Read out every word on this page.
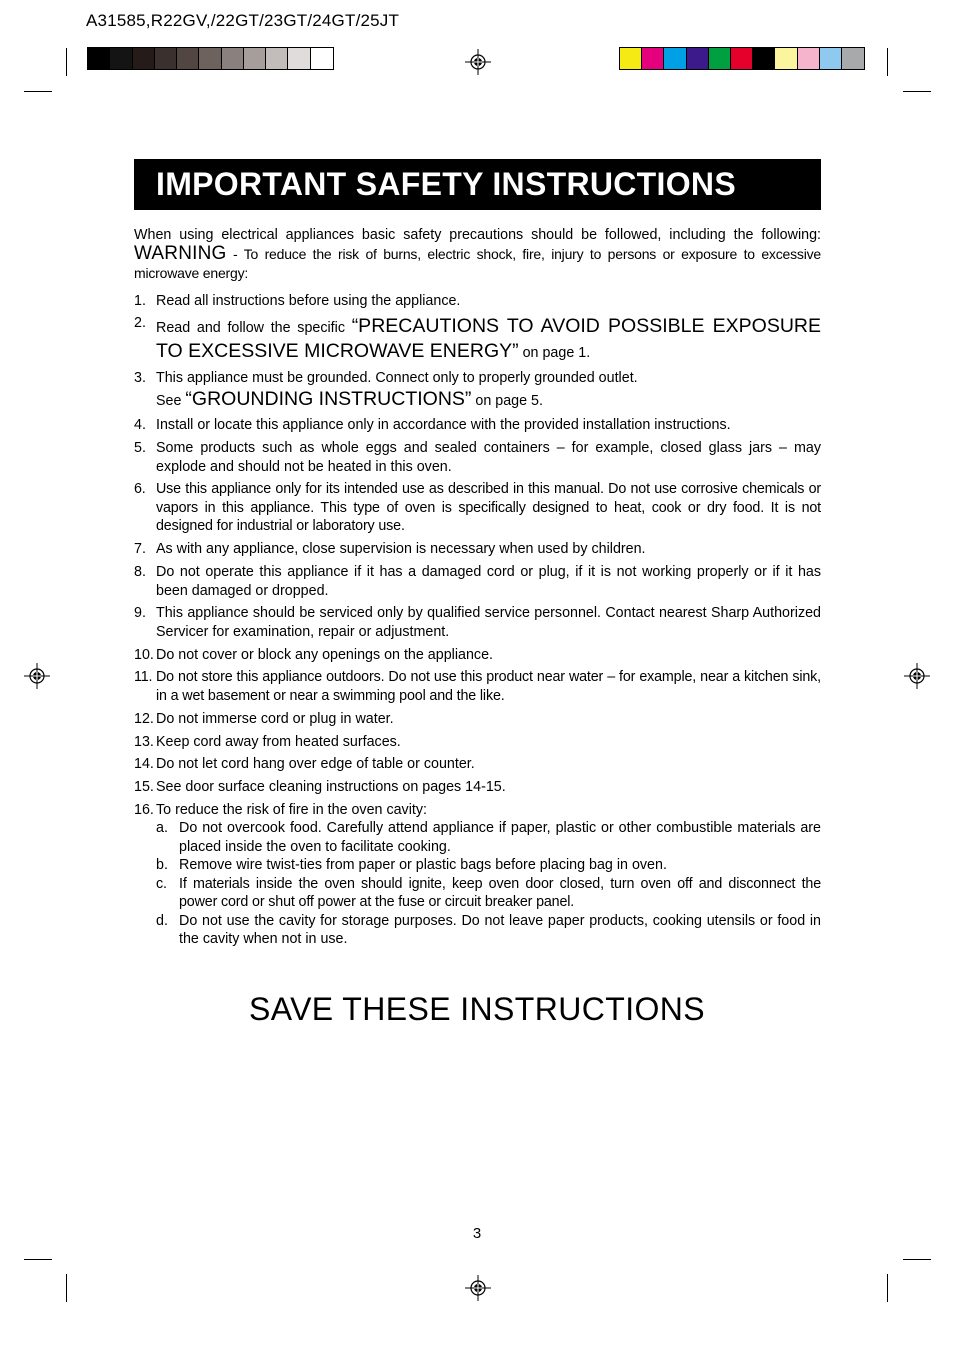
A31585,R22GV,/22GT/23GT/24GT/25JT
IMPORTANT SAFETY INSTRUCTIONS

When using electrical appliances basic safety precautions should be followed, including the following: WARNING - To reduce the risk of burns, electric shock, fire, injury to persons or exposure to excessive microwave energy:

1. Read all instructions before using the appliance.
2. Read and follow the specific “PRECAUTIONS TO AVOID POSSIBLE EXPOSURE TO EXCESSIVE MICROWAVE ENERGY” on page 1.
3. This appliance must be grounded. Connect only to properly grounded outlet.
See “GROUNDING INSTRUCTIONS” on page 5.
4. Install or locate this appliance only in accordance with the provided installation instructions.
5. Some products such as whole eggs and sealed containers – for example, closed glass jars – may explode and should not be heated in this oven.
6. Use this appliance only for its intended use as described in this manual. Do not use corrosive chemicals or vapors in this appliance. This type of oven is specifically designed to heat, cook or dry food. It is not designed for industrial or laboratory use.
7. As with any appliance, close supervision is necessary when used by children.
8. Do not operate this appliance if it has a damaged cord or plug, if it is not working properly or if it has been damaged or dropped.
9. This appliance should be serviced only by qualified service personnel. Contact nearest Sharp Authorized Servicer for examination, repair or adjustment.
10. Do not cover or block any openings on the appliance.
11. Do not store this appliance outdoors. Do not use this product near water – for example, near a kitchen sink, in a wet basement or near a swimming pool and the like.
12. Do not immerse cord or plug in water.
13. Keep cord away from heated surfaces.
14. Do not let cord hang over edge of table or counter.
15. See door surface cleaning instructions on pages 14-15.
16. To reduce the risk of fire in the oven cavity:
a. Do not overcook food. Carefully attend appliance if paper, plastic or other combustible materials are placed inside the oven to facilitate cooking.
b. Remove wire twist-ties from paper or plastic bags before placing bag in oven.
c. If materials inside the oven should ignite, keep oven door closed, turn oven off and disconnect the power cord or shut off power at the fuse or circuit breaker panel.
d. Do not use the cavity for storage purposes. Do not leave paper products, cooking utensils or food in the cavity when not in use.
SAVE THESE INSTRUCTIONS
3
